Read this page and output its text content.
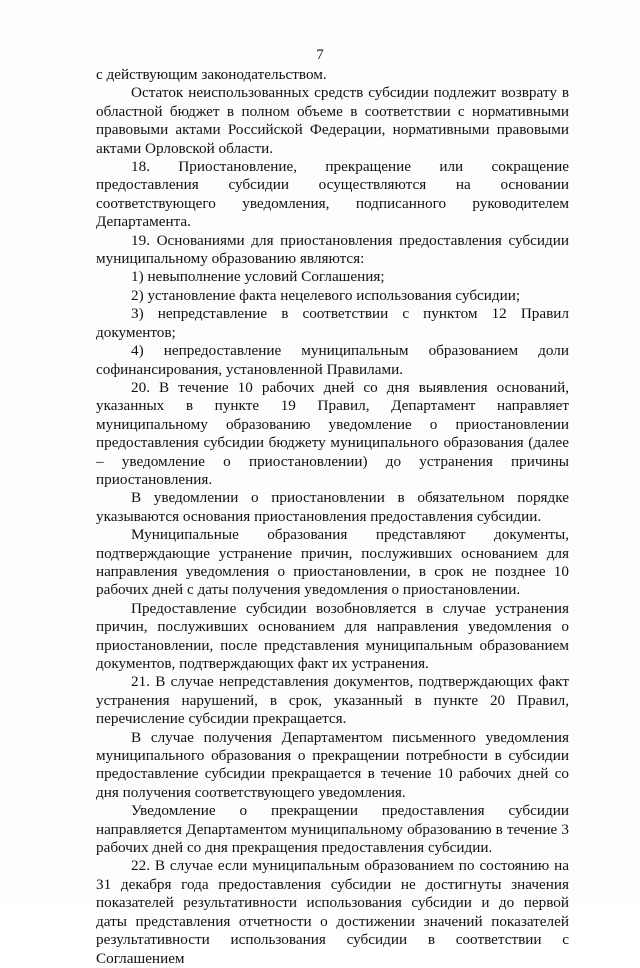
7

с действующим законодательством.

Остаток неиспользованных средств субсидии подлежит возврату в областной бюджет в полном объеме в соответствии с нормативными правовыми актами Российской Федерации, нормативными правовыми актами Орловской области.

18. Приостановление, прекращение или сокращение предоставления субсидии осуществляются на основании соответствующего уведомления, подписанного руководителем Департамента.

19. Основаниями для приостановления предоставления субсидии муниципальному образованию являются:

1) невыполнение условий Соглашения;

2) установление факта нецелевого использования субсидии;

3) непредставление в соответствии с пунктом 12 Правил документов;

4) непредоставление муниципальным образованием доли софинансирования, установленной Правилами.

20. В течение 10 рабочих дней со дня выявления оснований, указанных в пункте 19 Правил, Департамент направляет муниципальному образованию уведомление о приостановлении предоставления субсидии бюджету муниципального образования (далее – уведомление о приостановлении) до устранения причины приостановления.

В уведомлении о приостановлении в обязательном порядке указываются основания приостановления предоставления субсидии.

Муниципальные образования представляют документы, подтверждающие устранение причин, послуживших основанием для направления уведомления о приостановлении, в срок не позднее 10 рабочих дней с даты получения уведомления о приостановлении.

Предоставление субсидии возобновляется в случае устранения причин, послуживших основанием для направления уведомления о приостановлении, после представления муниципальным образованием документов, подтверждающих факт их устранения.

21. В случае непредставления документов, подтверждающих факт устранения нарушений, в срок, указанный в пункте 20 Правил, перечисление субсидии прекращается.

В случае получения Департаментом письменного уведомления муниципального образования о прекращении потребности в субсидии предоставление субсидии прекращается в течение 10 рабочих дней со дня получения соответствующего уведомления.

Уведомление о прекращении предоставления субсидии направляется Департаментом муниципальному образованию в течение 3 рабочих дней со дня прекращения предоставления субсидии.

22. В случае если муниципальным образованием по состоянию на 31 декабря года предоставления субсидии не достигнуты значения показателей результативности использования субсидии и до первой даты представления отчетности о достижении значений показателей результативности использования субсидии в соответствии с Соглашением
